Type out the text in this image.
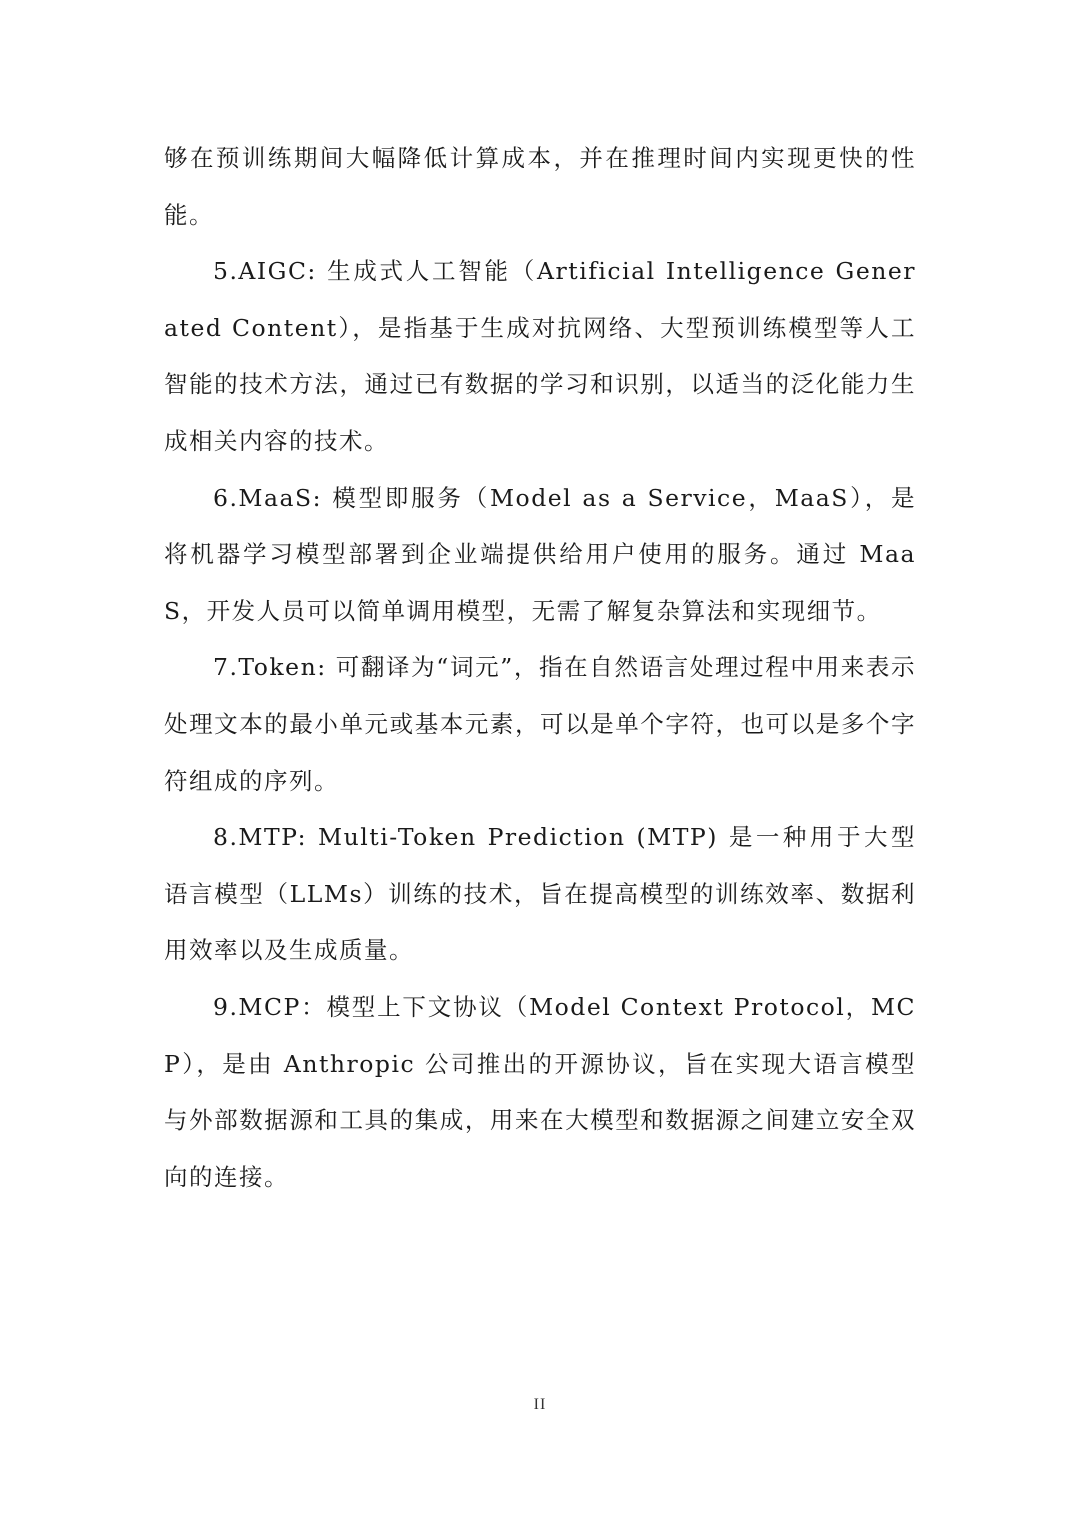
够在预训练期间大幅降低计算成本，并在推理时间内实现更快的性能。

5.AIGC: 生成式人工智能（Artificial Intelligence Generated Content），是指基于生成对抗网络、大型预训练模型等人工智能的技术方法，通过已有数据的学习和识别，以适当的泛化能力生成相关内容的技术。

6.MaaS: 模型即服务（Model as a Service，MaaS），是将机器学习模型部署到企业端提供给用户使用的服务。通过 MaaS，开发人员可以简单调用模型，无需了解复杂算法和实现细节。

7.Token: 可翻译为“词元”，指在自然语言处理过程中用来表示处理文本的最小单元或基本元素，可以是单个字符，也可以是多个字符组成的序列。

8.MTP: Multi-Token Prediction (MTP) 是一种用于大型语言模型（LLMs）训练的技术，旨在提高模型的训练效率、数据利用效率以及生成质量。

9.MCP：模型上下文协议（Model Context Protocol，MCP），是由 Anthropic 公司推出的开源协议，旨在实现大语言模型与外部数据源和工具的集成，用来在大模型和数据源之间建立安全双向的连接。

II
